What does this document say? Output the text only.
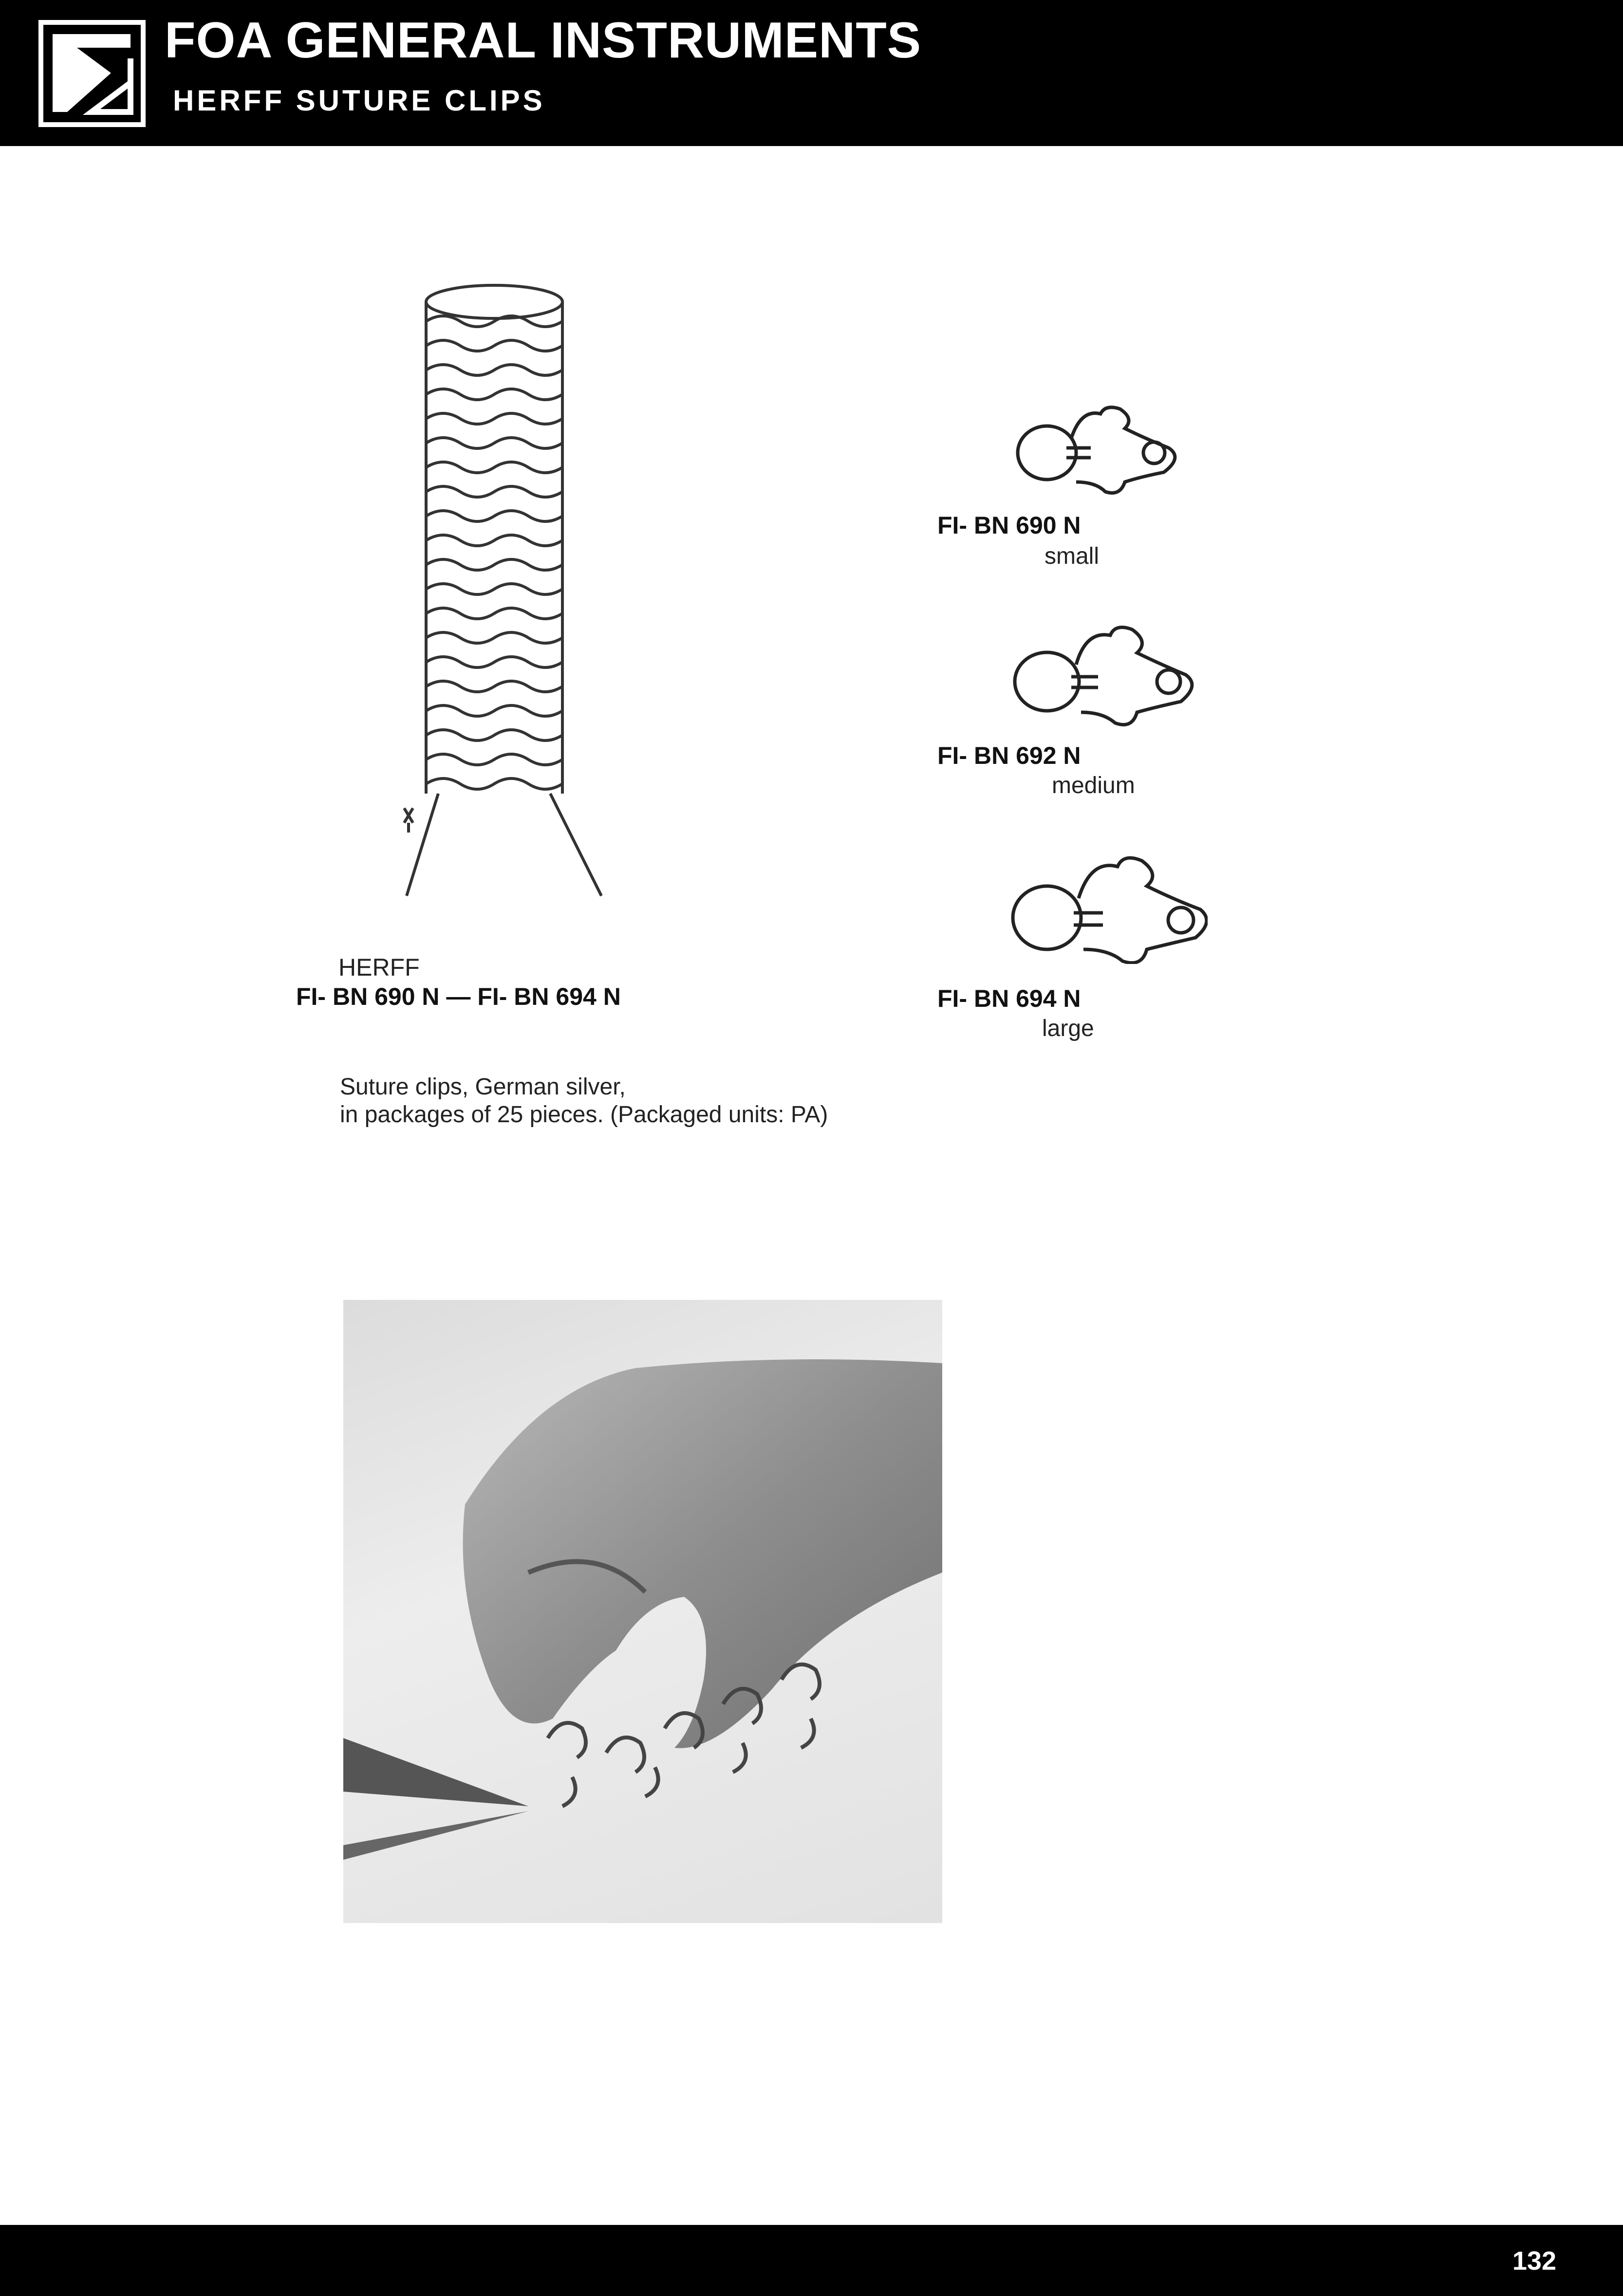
FOA GENERAL INSTRUMENTS
HERFF SUTURE CLIPS
FI- BN 690 N
small
FI- BN 692 N
medium
FI- BN 694 N
large
HERFF
FI- BN 690 N — FI- BN 694 N
Suture clips, German silver,
in packages of 25 pieces. (Packaged units: PA)
132
